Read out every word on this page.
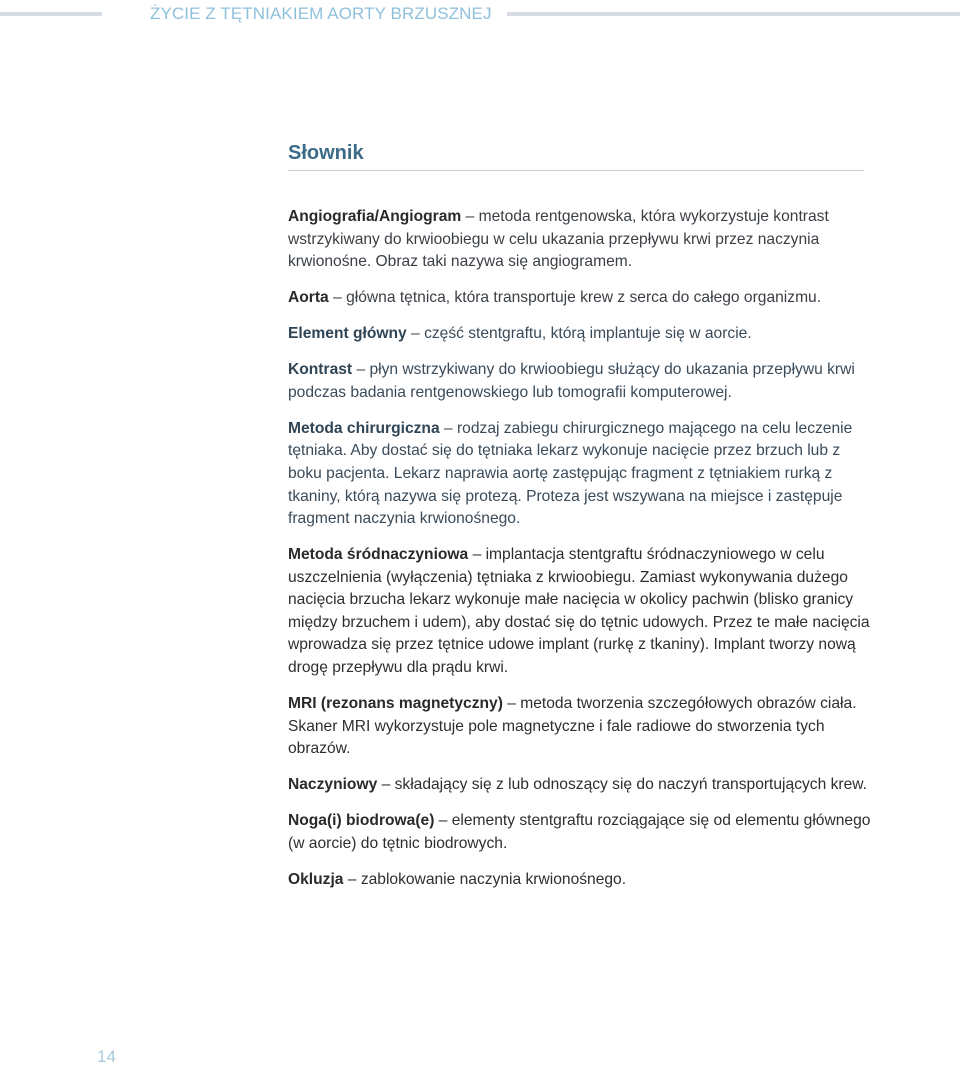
ŻYCIE Z TĘTNIAKIEM AORTY BRZUSZNEJ
Słownik
Angiografia/Angiogram – metoda rentgenowska, która wykorzystuje kontrast wstrzykiwany do krwioobiegu w celu ukazania przepływu krwi przez naczynia krwionośne. Obraz taki nazywa się angiogramem.
Aorta – główna tętnica, która transportuje krew z serca do całego organizmu.
Element główny – część stentgraftu, którą implantuje się w aorcie.
Kontrast – płyn wstrzykiwany do krwioobiegu służący do ukazania przepływu krwi podczas badania rentgenowskiego lub tomografii komputerowej.
Metoda chirurgiczna – rodzaj zabiegu chirurgicznego mającego na celu leczenie tętniaka. Aby dostać się do tętniaka lekarz wykonuje nacięcie przez brzuch lub z boku pacjenta. Lekarz naprawia aortę zastępując fragment z tętniakiem rurką z tkaniny, którą nazywa się protezą. Proteza jest wszywana na miejsce i zastępuje fragment naczynia krwionośnego.
Metoda śródnaczyniowa – implantacja stentgraftu śródnaczyniowego w celu uszczelnienia (wyłączenia) tętniaka z krwioobiegu. Zamiast wykonywania dużego nacięcia brzucha lekarz wykonuje małe nacięcia w okolicy pachwin (blisko granicy między brzuchem i udem), aby dostać się do tętnic udowych. Przez te małe nacięcia wprowadza się przez tętnice udowe implant (rurkę z tkaniny). Implant tworzy nową drogę przepływu dla prądu krwi.
MRI (rezonans magnetyczny) – metoda tworzenia szczegółowych obrazów ciała. Skaner MRI wykorzystuje pole magnetyczne i fale radiowe do stworzenia tych obrazów.
Naczyniowy – składający się z lub odnoszący się do naczyń transportujących krew.
Noga(i) biodrowa(e) – elementy stentgraftu rozciągające się od elementu głównego (w aorcie) do tętnic biodrowych.
Okluzja – zablokowanie naczynia krwionośnego.
14
